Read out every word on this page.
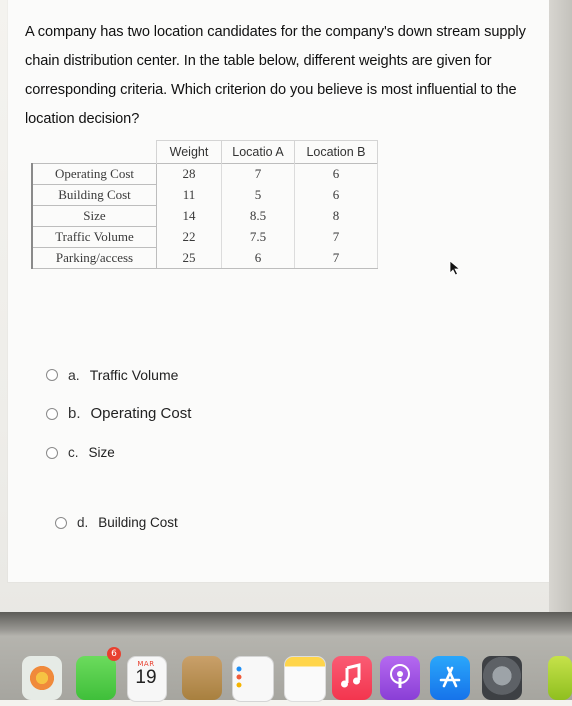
A company has two location candidates for the company's down stream supply chain distribution center. In the table below, different weights are given for corresponding criteria. Which criterion do you believe is most influential to the location decision?
	Weight	Locatio A	Location B
Operating Cost	28	7	6
Building Cost	11	5	6
Size	14	8.5	8
Traffic Volume	22	7.5	7
Parking/access	25	6	7
a. Traffic Volume
b. Operating Cost
c. Size
d. Building Cost
6
MAR
19
